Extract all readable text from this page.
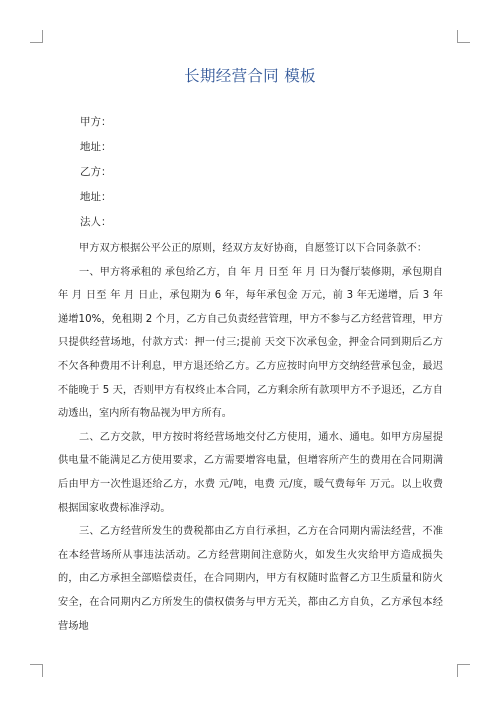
长期经营合同 模板
甲方：
地址：
乙方：
地址：
法人：

甲方双方根据公平公正的原则，经双方友好协商，自愿签订以下合同条款不：

一、甲方将承租的 承包给乙方，自 年 月 日至 年 月 日为餐厅装修期，承包期自 年 月 日至 年 月 日止，承包期为 6 年，每年承包金 万元，前 3 年无递增，后 3 年递增10%，免租期 2 个月，乙方自己负责经营管理，甲方不参与乙方经营管理，甲方只提供经营场地，付款方式：押一付三;提前 天交下次承包金，押金合同到期后乙方不欠各种费用不计利息，甲方退还给乙方。乙方应按时向甲方交纳经营承包金，最迟不能晚于 5 天，否则甲方有权终止本合同，乙方剩余所有款项甲方不予退还，乙方自动透出，室内所有物品视为甲方所有。

二、乙方交款，甲方按时将经营场地交付乙方使用，通水、通电。如甲方房屋提供电量不能满足乙方使用要求，乙方需要增容电量，但增容所产生的费用在合同期满后由甲方一次性退还给乙方，水费 元/吨，电费 元/度，暖气费每年 万元。以上收费根据国家收费标准浮动。

三、乙方经营所发生的费税都由乙方自行承担，乙方在合同期内需法经营，不准在本经营场所从事违法活动。乙方经营期间注意防火，如发生火灾给甲方造成损失的，由乙方承担全部赔偿责任，在合同期内，甲方有权随时监督乙方卫生质量和防火安全，在合同期内乙方所发生的债权债务与甲方无关，都由乙方自负，乙方承包本经营场地
